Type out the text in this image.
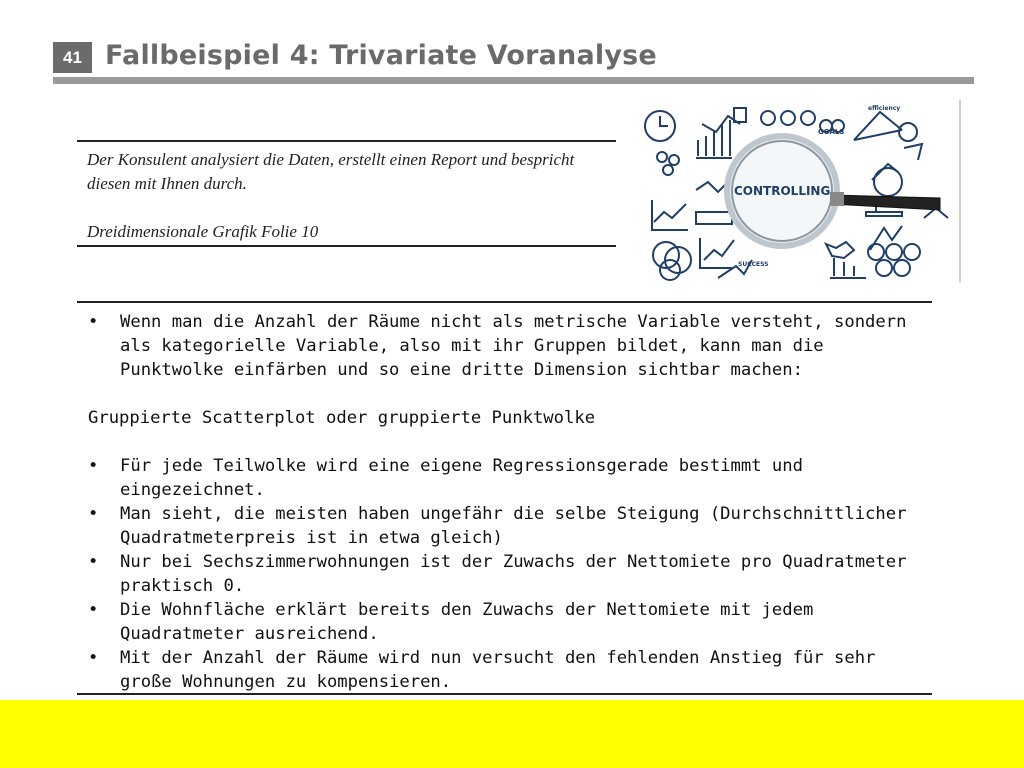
41 Fallbeispiel 4: Trivariate Voranalyse

Der Konsulent analysiert die Daten, erstellt einen Report und bespricht diesen mit Ihnen durch.

Dreidimensionale Grafik Folie 10

GOALS
efficiency
SUCCESS
CONTROLLING
• Wenn man die Anzahl der Räume nicht als metrische Variable versteht, sondern als kategorielle Variable, also mit ihr Gruppen bildet, kann man die Punktwolke einfärben und so eine dritte Dimension sichtbar machen:
Gruppierte Scatterplot oder gruppierte Punktwolke
• Für jede Teilwolke wird eine eigene Regressionsgerade bestimmt und eingezeichnet.
• Man sieht, die meisten haben ungefähr die selbe Steigung (Durchschnittlicher Quadratmeterpreis ist in etwa gleich)
• Nur bei Sechszimmerwohnungen ist der Zuwachs der Nettomiete pro Quadratmeter praktisch 0.
• Die Wohnfläche erklärt bereits den Zuwachs der Nettomiete mit jedem Quadratmeter ausreichend.
• Mit der Anzahl der Räume wird nun versucht den fehlenden Anstieg für sehr große Wohnungen zu kompensieren.
